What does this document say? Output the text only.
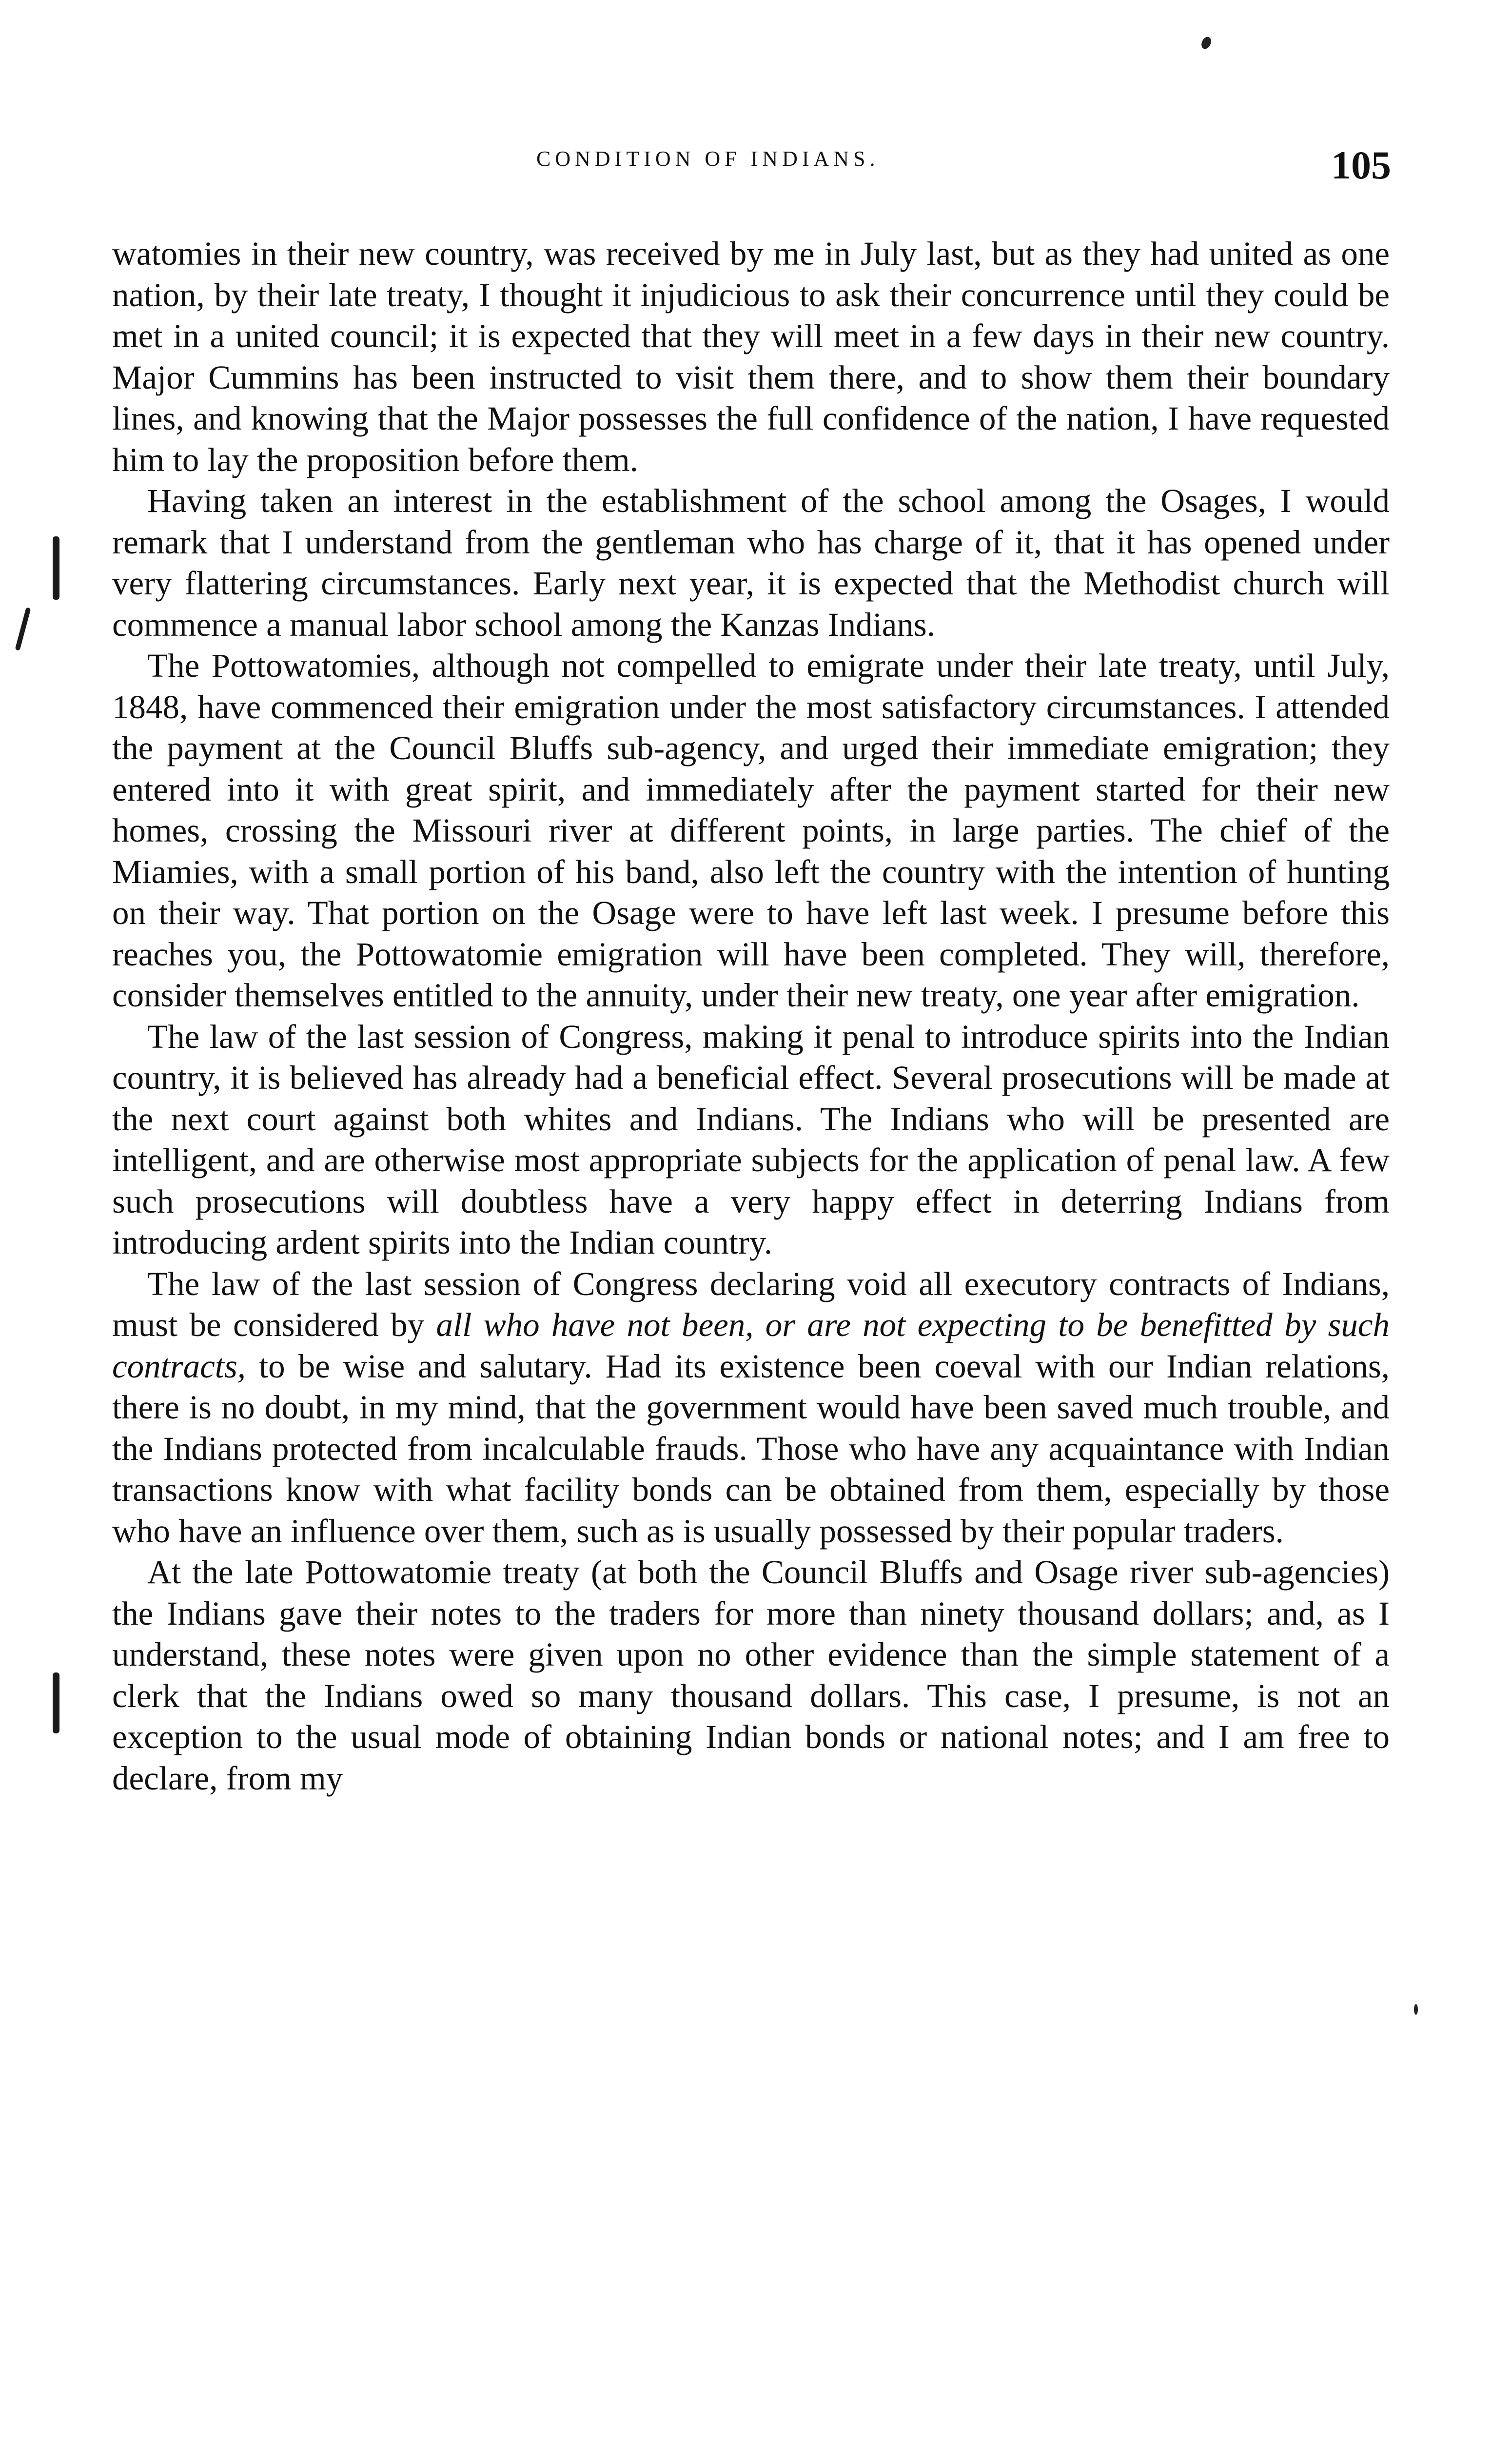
CONDITION OF INDIANS.	105

watomies in their new country, was received by me in July last, but as they had united as one nation, by their late treaty, I thought it injudicious to ask their concurrence until they could be met in a united council; it is expected that they will meet in a few days in their new country. Major Cummins has been instructed to visit them there, and to show them their boundary lines, and knowing that the Major possesses the full confidence of the nation, I have requested him to lay the proposition before them.

Having taken an interest in the establishment of the school among the Osages, I would remark that I understand from the gentleman who has charge of it, that it has opened under very flattering circumstances. Early next year, it is expected that the Methodist church will commence a manual labor school among the Kanzas Indians.

The Pottowatomies, although not compelled to emigrate under their late treaty, until July, 1848, have commenced their emigration under the most satisfactory circumstances. I attended the payment at the Council Bluffs sub-agency, and urged their immediate emigration; they entered into it with great spirit, and immediately after the payment started for their new homes, crossing the Missouri river at different points, in large parties. The chief of the Miamies, with a small portion of his band, also left the country with the intention of hunting on their way. That portion on the Osage were to have left last week. I presume before this reaches you, the Pottowatomie emigration will have been completed. They will, therefore, consider themselves entitled to the annuity, under their new treaty, one year after emigration.

The law of the last session of Congress, making it penal to introduce spirits into the Indian country, it is believed has already had a beneficial effect. Several prosecutions will be made at the next court against both whites and Indians. The Indians who will be presented are intelligent, and are otherwise most appropriate subjects for the application of penal law. A few such prosecutions will doubtless have a very happy effect in deterring Indians from introducing ardent spirits into the Indian country.

The law of the last session of Congress declaring void all executory contracts of Indians, must be considered by all who have not been, or are not expecting to be benefitted by such contracts, to be wise and salutary. Had its existence been coeval with our Indian relations, there is no doubt, in my mind, that the government would have been saved much trouble, and the Indians protected from incalculable frauds. Those who have any acquaintance with Indian transactions know with what facility bonds can be obtained from them, especially by those who have an influence over them, such as is usually possessed by their popular traders.

At the late Pottowatomie treaty (at both the Council Bluffs and Osage river sub-agencies) the Indians gave their notes to the traders for more than ninety thousand dollars; and, as I understand, these notes were given upon no other evidence than the simple statement of a clerk that the Indians owed so many thousand dollars. This case, I presume, is not an exception to the usual mode of obtaining Indian bonds or national notes; and I am free to declare, from my
